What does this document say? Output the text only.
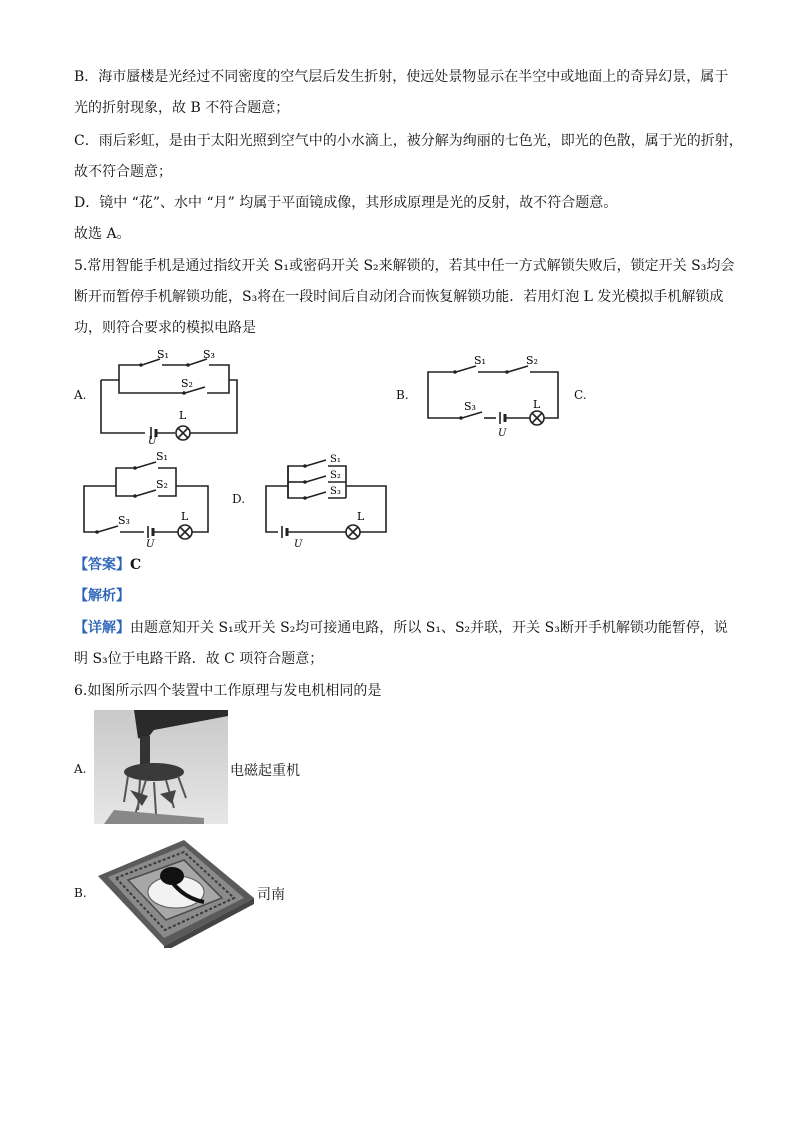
B．海市蜃楼是光经过不同密度的空气层后发生折射，使远处景物显示在半空中或地面上的奇异幻景，属于
光的折射现象，故 B 不符合题意；
C．雨后彩虹，是由于太阳光照到空气中的小水滴上，被分解为绚丽的七色光，即光的色散，属于光的折射，
故不符合题意；
D．镜中 “花”、水中 “月” 均属于平面镜成像，其形成原理是光的反射，故不符合题意。
故选 A。
5.常用智能手机是通过指纹开关 S₁或密码开关 S₂来解锁的，若其中任一方式解锁失败后，锁定开关 S₃均会
断开而暂停手机解锁功能，S₃将在一段时间后自动闭合而恢复解锁功能．若用灯泡 L 发光模拟手机解锁成
功，则符合要求的模拟电路是
A.	B.	C.
D.
S₁	S₃
S₂
L
U
S₁	S₂
S₃	L
U
S₁
S₂
S₃	L
U
S₁
S₂
S₃
L
U
【答案】C
【解析】
【详解】由题意知开关 S₁或开关 S₂均可接通电路，所以 S₁、S₂并联，开关 S₃断开手机解锁功能暂停，说
明 S₃位于电路干路．故 C 项符合题意；
6.如图所示四个装置中工作原理与发电机相同的是
A.	电磁起重机
B.	司南
